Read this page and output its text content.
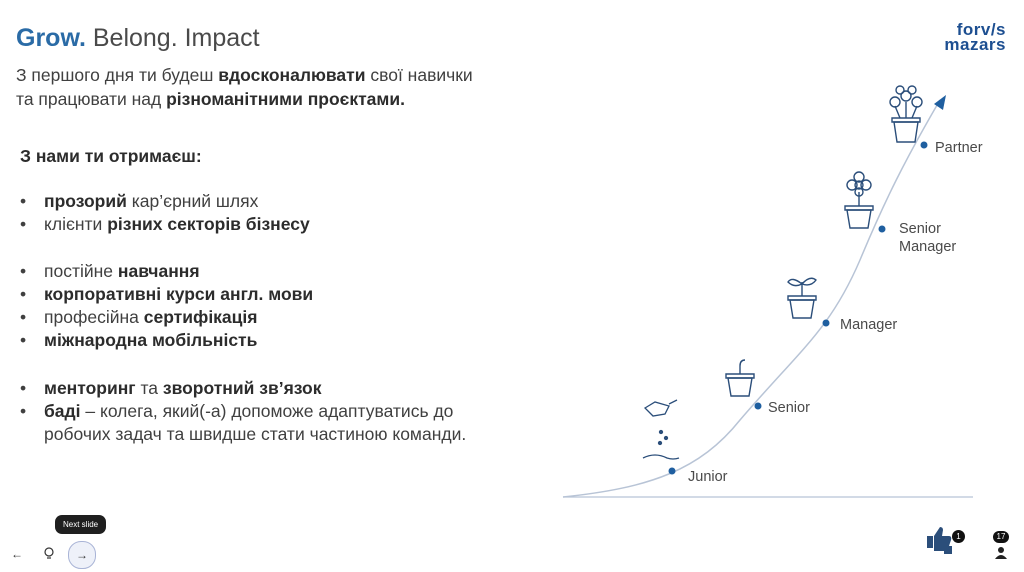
Grow. Belong. Impact	forv/s
mazars
З першого дня ти будеш вдосконалювати свої навички
та працювати над різноманітними проєктами.
З нами ти отримаєш:
• прозорий кар’єрний шлях
• клієнти різних секторів бізнесу
• постійне навчання
• корпоративні курси англ. мови
• професійна сертифікація
• міжнародна мобільність
• менторинг та зворотний зв’язок
• баді – колега, який(-а) допоможе адаптуватись до робочих задач та швидше стати частиною команди.
Junior
Senior
Manager
Senior
Manager
Partner
Next slide
←	→
1	17
